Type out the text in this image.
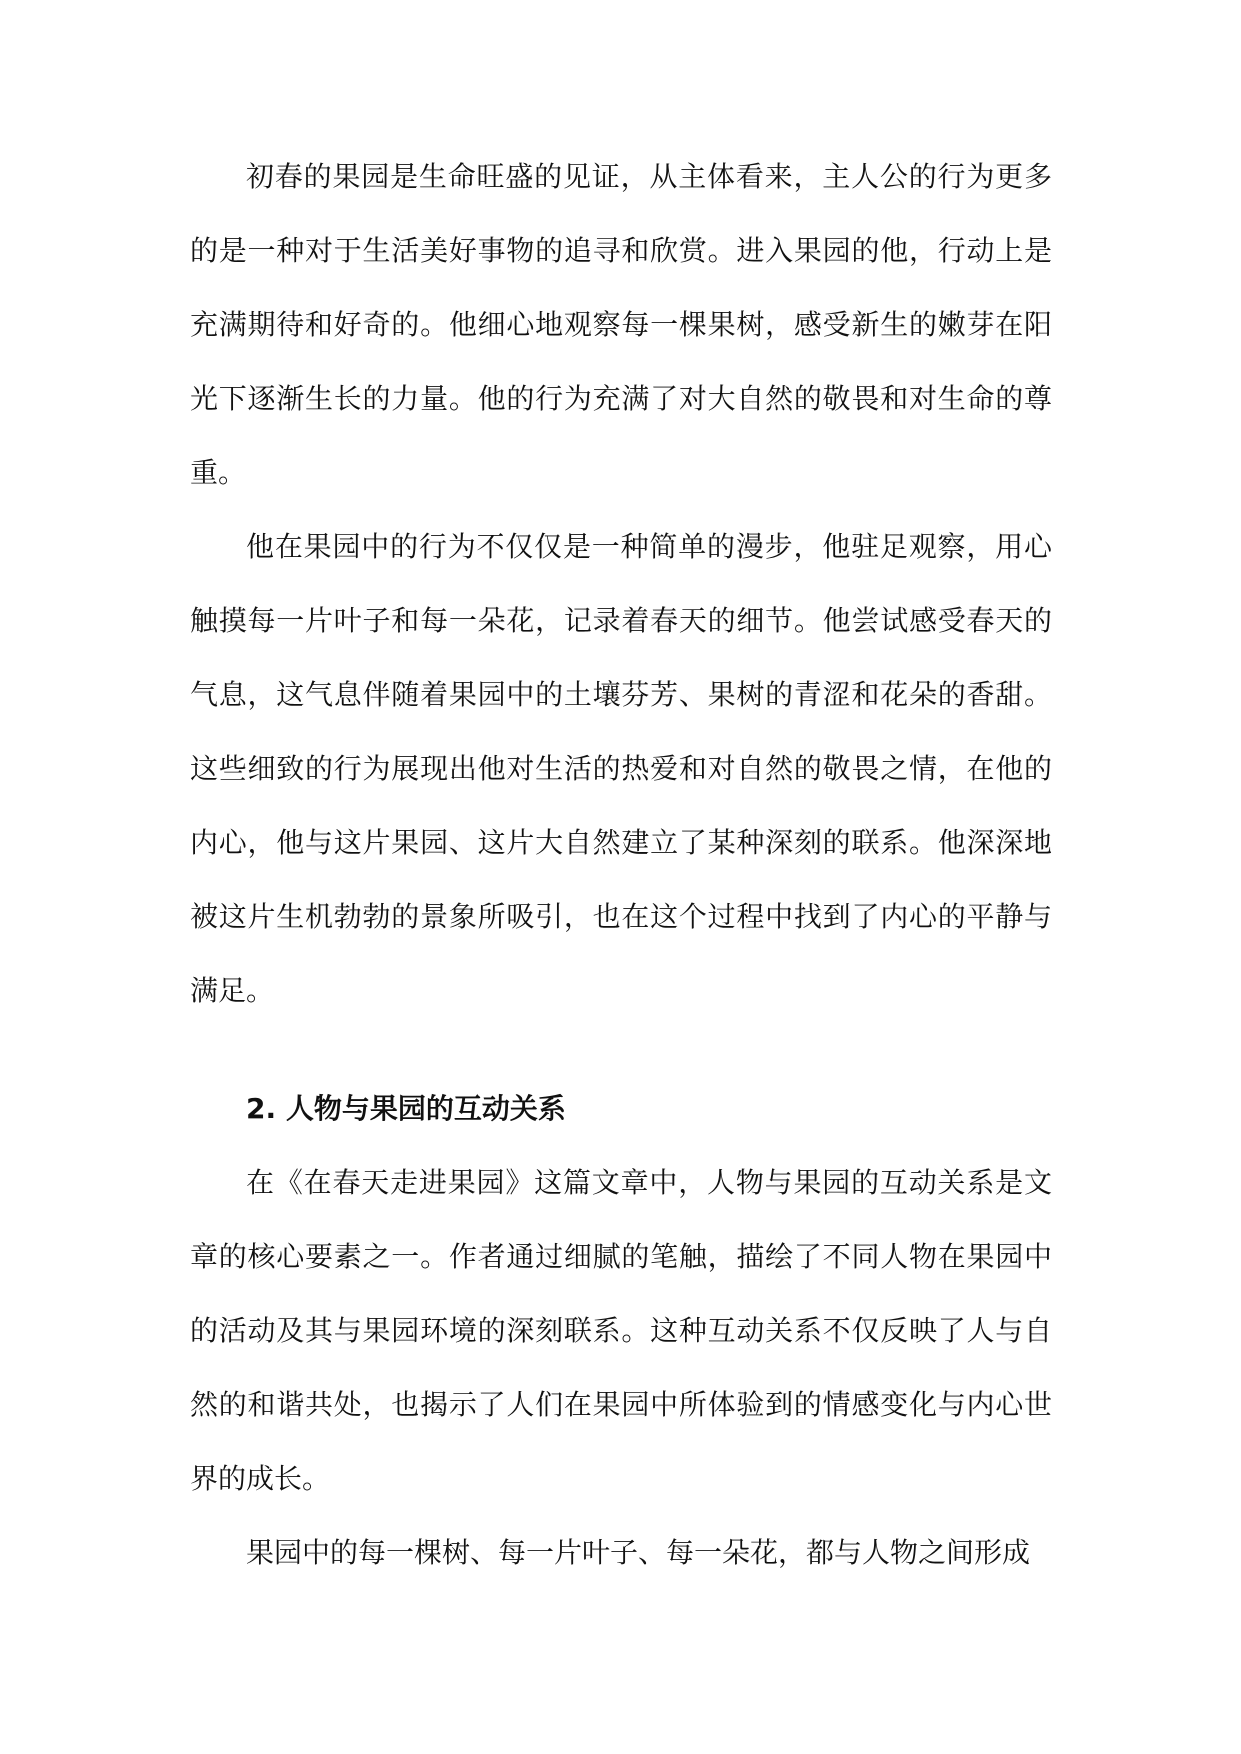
初春的果园是生命旺盛的见证，从主体看来，主人公的行为更多的是一种对于生活美好事物的追寻和欣赏。进入果园的他，行动上是充满期待和好奇的。他细心地观察每一棵果树，感受新生的嫩芽在阳光下逐渐生长的力量。他的行为充满了对大自然的敬畏和对生命的尊重。

他在果园中的行为不仅仅是一种简单的漫步，他驻足观察，用心触摸每一片叶子和每一朵花，记录着春天的细节。他尝试感受春天的气息，这气息伴随着果园中的土壤芬芳、果树的青涩和花朵的香甜。这些细致的行为展现出他对生活的热爱和对自然的敬畏之情，在他的内心，他与这片果园、这片大自然建立了某种深刻的联系。他深深地被这片生机勃勃的景象所吸引，也在这个过程中找到了内心的平静与满足。

2. 人物与果园的互动关系

在《在春天走进果园》这篇文章中，人物与果园的互动关系是文章的核心要素之一。作者通过细腻的笔触，描绘了不同人物在果园中的活动及其与果园环境的深刻联系。这种互动关系不仅反映了人与自然的和谐共处，也揭示了人们在果园中所体验到的情感变化与内心世界的成长。

果园中的每一棵树、每一片叶子、每一朵花，都与人物之间形成
